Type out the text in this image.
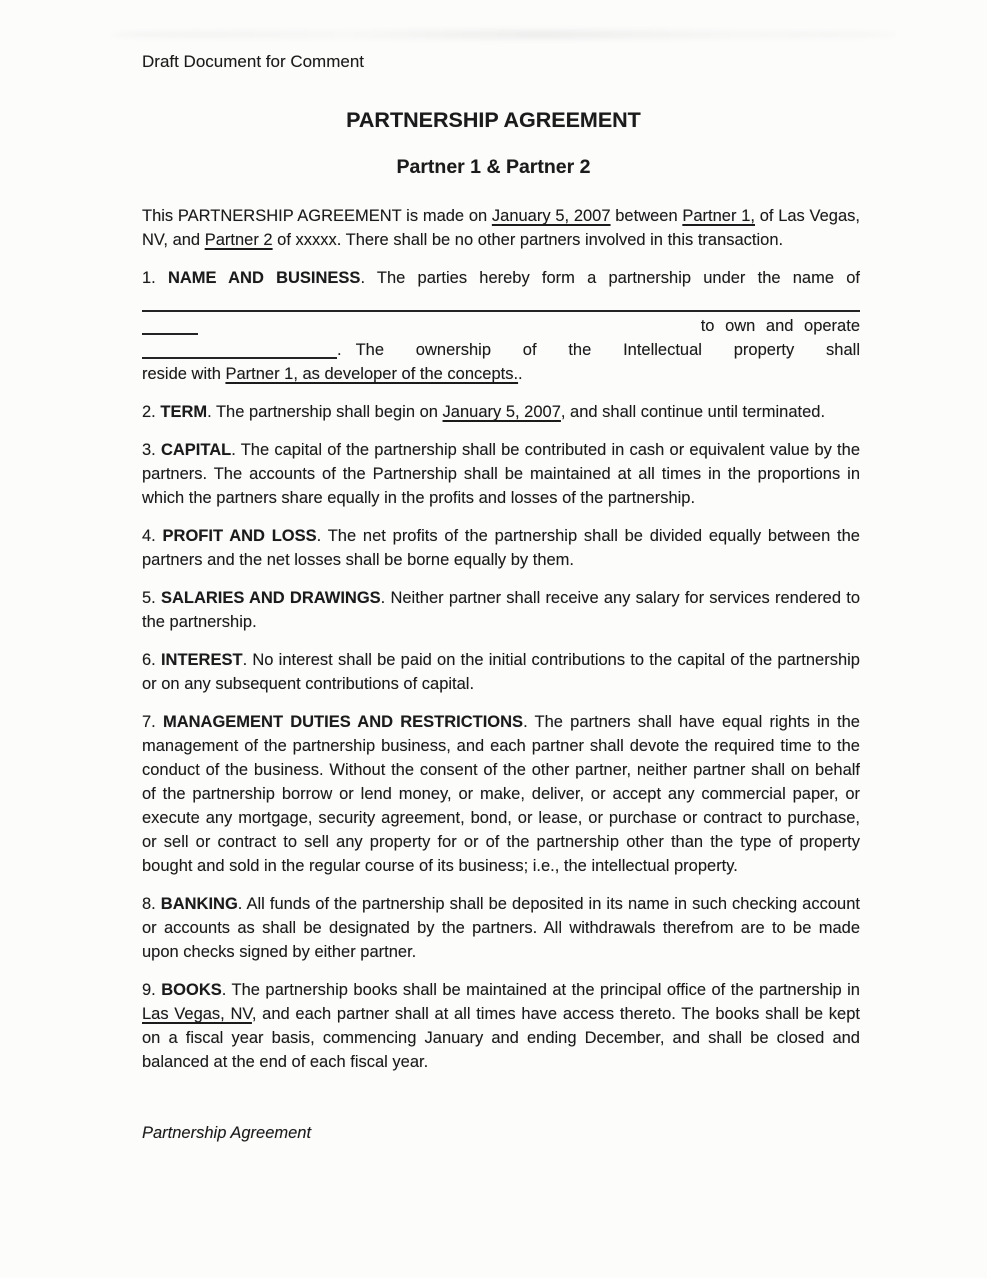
Draft Document for Comment

PARTNERSHIP AGREEMENT
Partner 1 & Partner 2

This PARTNERSHIP AGREEMENT is made on January 5, 2007 between Partner 1, of Las Vegas, NV, and Partner 2 of xxxxx. There shall be no other partners involved in this transaction.

1. NAME AND BUSINESS. The parties hereby form a partnership under the name of

to own and operate
. The ownership of the Intellectual property shall

reside with Partner 1, as developer of the concepts..

2. TERM. The partnership shall begin on January 5, 2007, and shall continue until terminated.

3. CAPITAL. The capital of the partnership shall be contributed in cash or equivalent value by the partners. The accounts of the Partnership shall be maintained at all times in the proportions in which the partners share equally in the profits and losses of the partnership.

4. PROFIT AND LOSS. The net profits of the partnership shall be divided equally between the partners and the net losses shall be borne equally by them.

5. SALARIES AND DRAWINGS. Neither partner shall receive any salary for services rendered to the partnership.

6. INTEREST. No interest shall be paid on the initial contributions to the capital of the partnership or on any subsequent contributions of capital.

7. MANAGEMENT DUTIES AND RESTRICTIONS. The partners shall have equal rights in the management of the partnership business, and each partner shall devote the required time to the conduct of the business. Without the consent of the other partner, neither partner shall on behalf of the partnership borrow or lend money, or make, deliver, or accept any commercial paper, or execute any mortgage, security agreement, bond, or lease, or purchase or contract to purchase, or sell or contract to sell any property for or of the partnership other than the type of property bought and sold in the regular course of its business; i.e., the intellectual property.

8. BANKING. All funds of the partnership shall be deposited in its name in such checking account or accounts as shall be designated by the partners. All withdrawals therefrom are to be made upon checks signed by either partner.

9. BOOKS. The partnership books shall be maintained at the principal office of the partnership in Las Vegas, NV, and each partner shall at all times have access thereto. The books shall be kept on a fiscal year basis, commencing January and ending December, and shall be closed and balanced at the end of each fiscal year.

Partnership Agreement
